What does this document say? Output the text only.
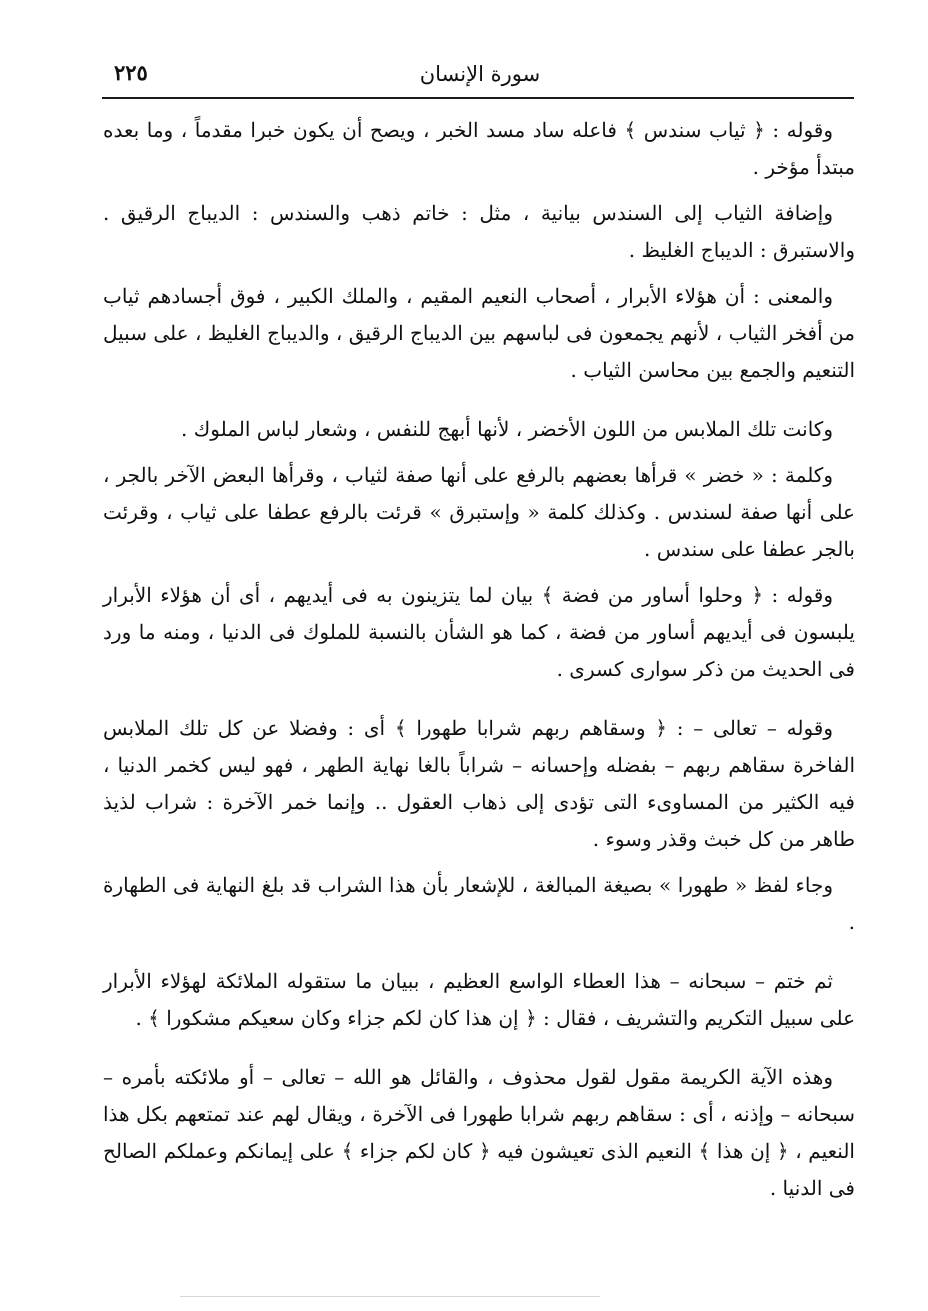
٢٢٥	سورة الإنسان

وقوله : ﴿ ثياب سندس ﴾ فاعله ساد مسد الخبر ، ويصح أن يكون خبرا مقدماً ، وما بعده مبتدأ مؤخر .

وإضافة الثياب إلى السندس بيانية ، مثل : خاتم ذهب والسندس : الديباج الرقيق . والاستبرق : الديباج الغليظ .

والمعنى : أن هؤلاء الأبرار ، أصحاب النعيم المقيم ، والملك الكبير ، فوق أجسادهم ثياب من أفخر الثياب ، لأنهم يجمعون فى لباسهم بين الديباج الرقيق ، والديباج الغليظ ، على سبيل التنعيم والجمع بين محاسن الثياب .

وكانت تلك الملابس من اللون الأخضر ، لأنها أبهج للنفس ، وشعار لباس الملوك .

وكلمة : « خضر » قرأها بعضهم بالرفع على أنها صفة لثياب ، وقرأها البعض الآخر بالجر ، على أنها صفة لسندس . وكذلك كلمة « وإستبرق » قرئت بالرفع عطفا على ثياب ، وقرئت بالجر عطفا على سندس .

وقوله : ﴿ وحلوا أساور من فضة ﴾ بيان لما يتزينون به فى أيديهم ، أى أن هؤلاء الأبرار يلبسون فى أيديهم أساور من فضة ، كما هو الشأن بالنسبة للملوك فى الدنيا ، ومنه ما ورد فى الحديث من ذكر سوارى كسرى .

وقوله – تعالى – : ﴿ وسقاهم ربهم شرابا طهورا ﴾ أى : وفضلا عن كل تلك الملابس الفاخرة سقاهم ربهم – بفضله وإحسانه – شراباً بالغا نهاية الطهر ، فهو ليس كخمر الدنيا ، فيه الكثير من المساوىء التى تؤدى إلى ذهاب العقول .. وإنما خمر الآخرة : شراب لذيذ طاهر من كل خبث وقذر وسوء .

وجاء لفظ « طهورا » بصيغة المبالغة ، للإشعار بأن هذا الشراب قد بلغ النهاية فى الطهارة .

ثم ختم – سبحانه – هذا العطاء الواسع العظيم ، ببيان ما ستقوله الملائكة لهؤلاء الأبرار على سبيل التكريم والتشريف ، فقال : ﴿ إن هذا كان لكم جزاء وكان سعيكم مشكورا ﴾ .

وهذه الآية الكريمة مقول لقول محذوف ، والقائل هو الله – تعالى – أو ملائكته بأمره – سبحانه – وإذنه ، أى : سقاهم ربهم شرابا طهورا فى الآخرة ، ويقال لهم عند تمتعهم بكل هذا النعيم ، ﴿ إن هذا ﴾ النعيم الذى تعيشون فيه ﴿ كان لكم جزاء ﴾ على إيمانكم وعملكم الصالح فى الدنيا .
